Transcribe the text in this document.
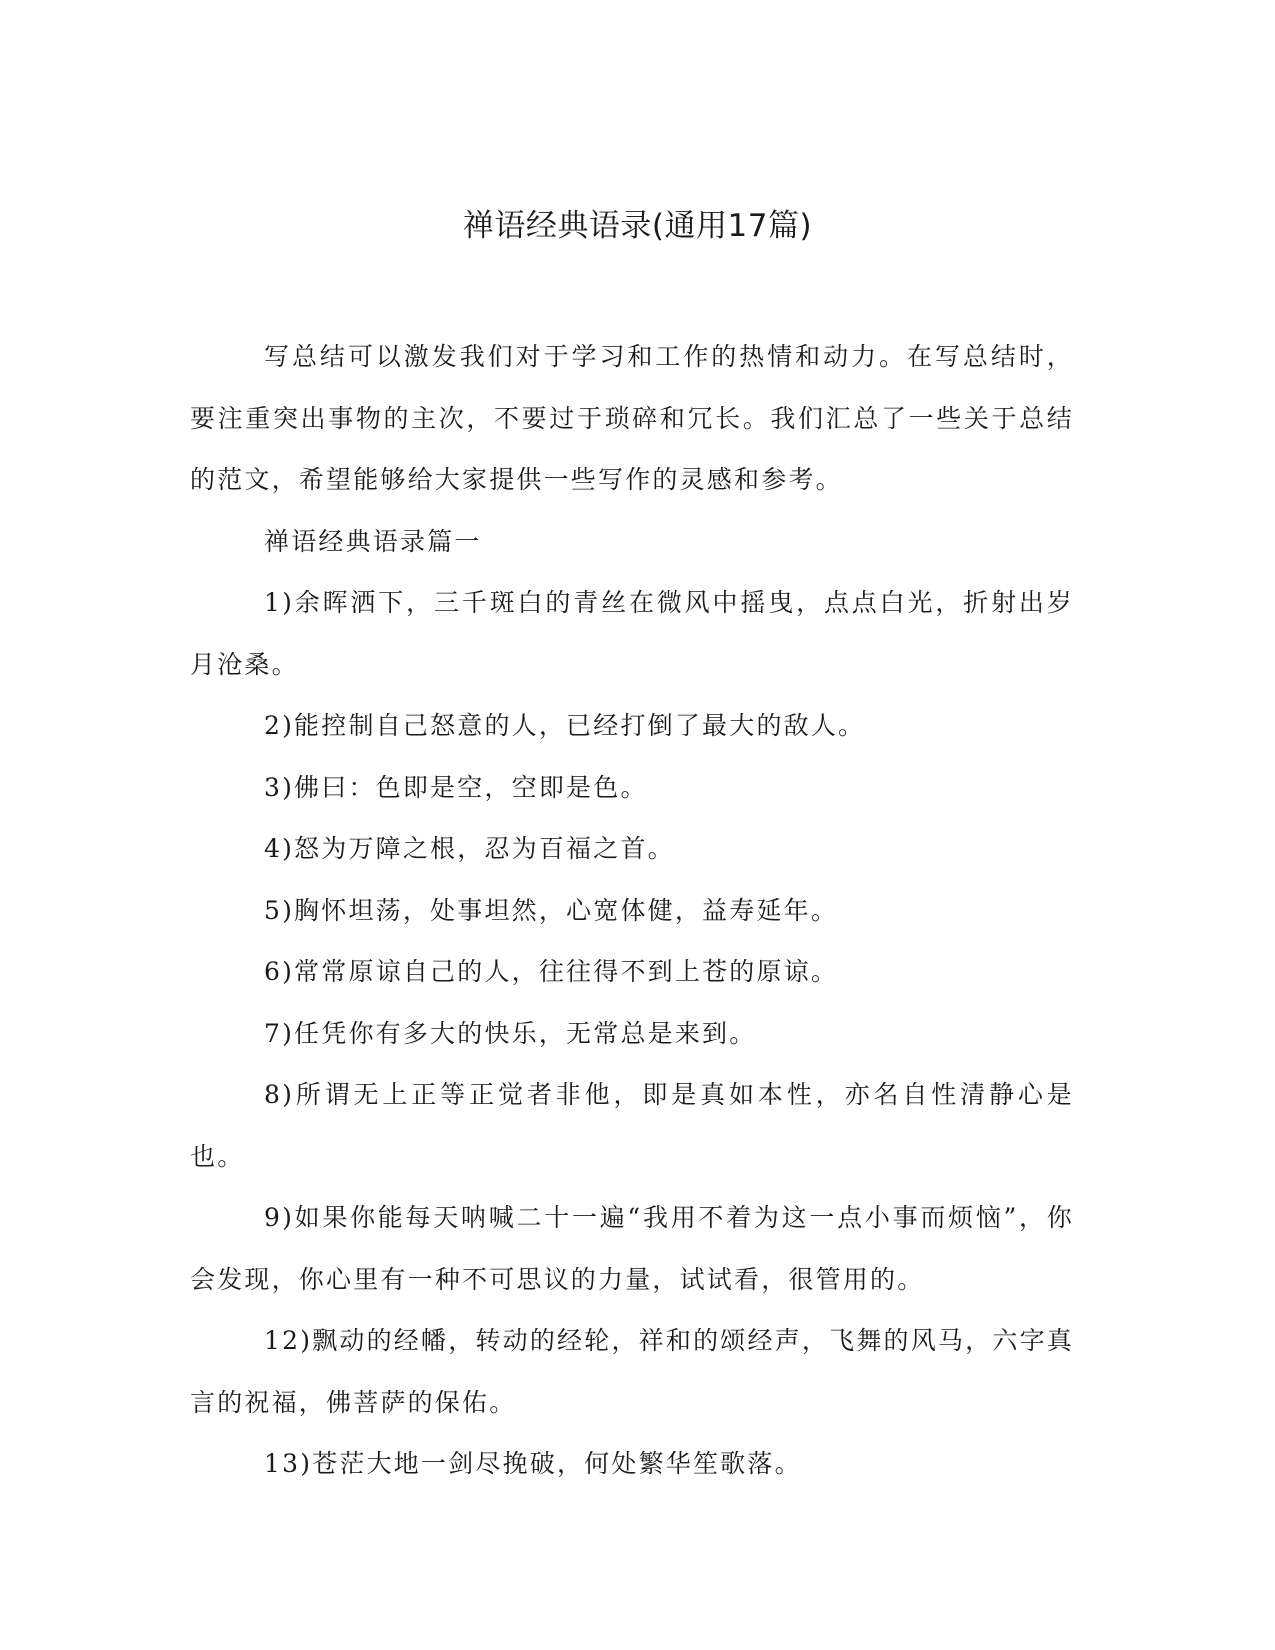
禅语经典语录(通用17篇)

写总结可以激发我们对于学习和工作的热情和动力。在写总结时，要注重突出事物的主次，不要过于琐碎和冗长。我们汇总了一些关于总结的范文，希望能够给大家提供一些写作的灵感和参考。

禅语经典语录篇一

1)余晖洒下，三千斑白的青丝在微风中摇曳，点点白光，折射出岁月沧桑。

2)能控制自己怒意的人，已经打倒了最大的敌人。

3)佛曰：色即是空，空即是色。

4)怒为万障之根，忍为百福之首。

5)胸怀坦荡，处事坦然，心宽体健，益寿延年。

6)常常原谅自己的人，往往得不到上苍的原谅。

7)任凭你有多大的快乐，无常总是来到。

8)所谓无上正等正觉者非他，即是真如本性，亦名自性清静心是也。

9)如果你能每天呐喊二十一遍“我用不着为这一点小事而烦恼”，你会发现，你心里有一种不可思议的力量，试试看，很管用的。

12)飘动的经幡，转动的经轮，祥和的颂经声，飞舞的风马，六字真言的祝福，佛菩萨的保佑。

13)苍茫大地一剑尽挽破，何处繁华笙歌落。
